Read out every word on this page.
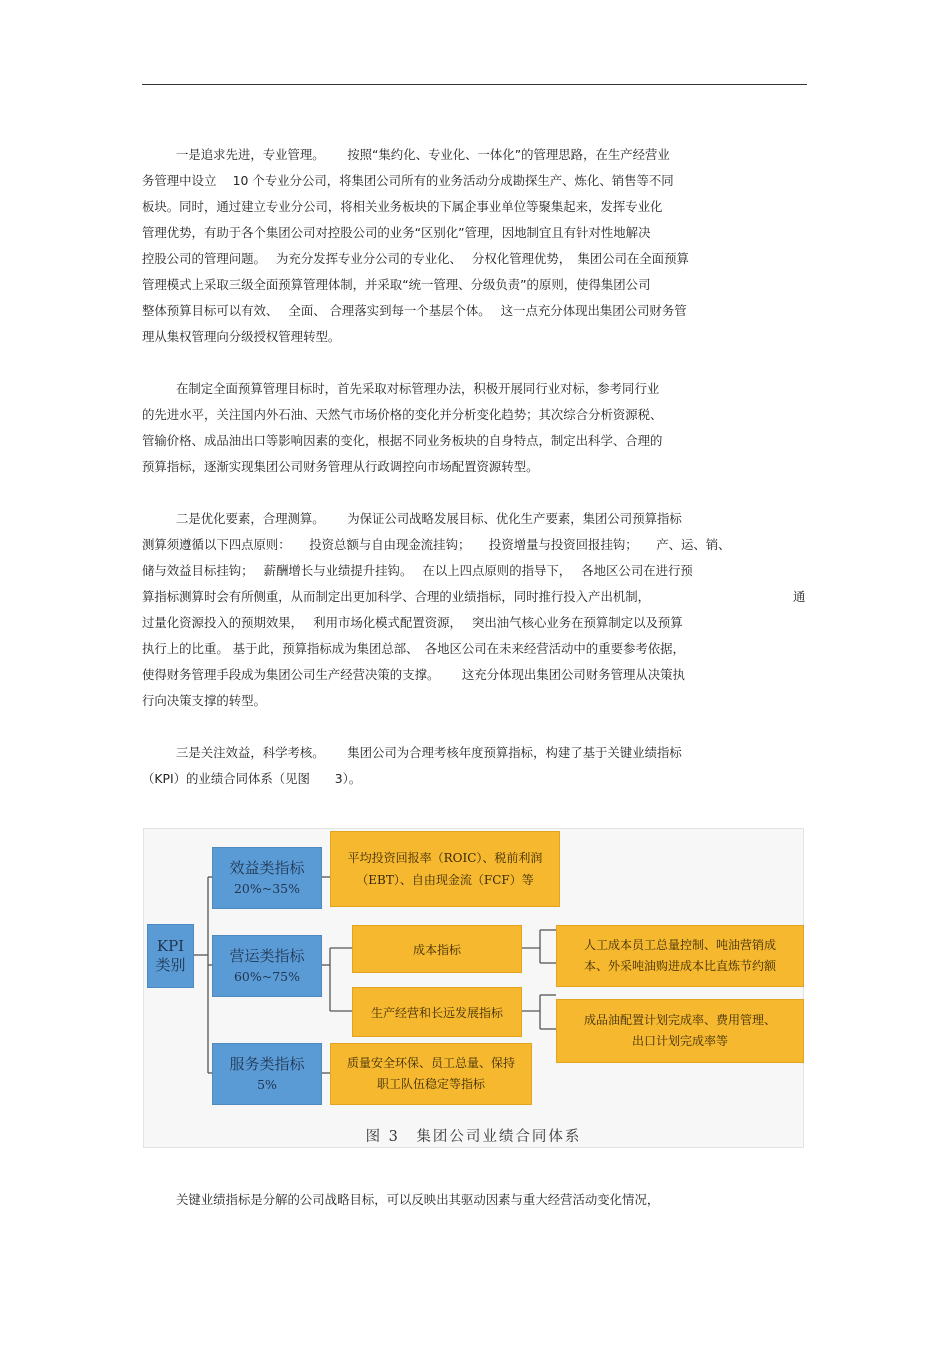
一是追求先进，专业管理。　　 按照“集约化、专业化、一体化”的管理思路，在生产经营业
务管理中设立　 10 个专业分公司，将集团公司所有的业务活动分成勘探生产、炼化、销售等不同
板块。同时，通过建立专业分公司，将相关业务板块的下属企事业单位等聚集起来，发挥专业化
管理优势，有助于各个集团公司对控股公司的业务“区别化”管理，因地制宜且有针对性地解决
控股公司的管理问题。　 为充分发挥专业分公司的专业化、　 分权化管理优势，　集团公司在全面预算
管理模式上采取三级全面预算管理体制，并采取“统一管理、分级负责”的原则，使得集团公司
整体预算目标可以有效、　 全面、 合理落实到每一个基层个体。　 这一点充分体现出集团公司财务管
理从集权管理向分级授权管理转型。
在制定全面预算管理目标时，首先采取对标管理办法，积极开展同行业对标，参考同行业
的先进水平，关注国内外石油、天然气市场价格的变化并分析变化趋势；其次综合分析资源税、
管输价格、成品油出口等影响因素的变化，根据不同业务板块的自身特点，制定出科学、合理的
预算指标，逐渐实现集团公司财务管理从行政调控向市场配置资源转型。
二是优化要素，合理测算。　　 为保证公司战略发展目标、优化生产要素，集团公司预算指标
测算须遵循以下四点原则：　　投资总额与自由现金流挂钩；　　投资增量与投资回报挂钩；　　产、运、销、
储与效益目标挂钩；　 薪酬增长与业绩提升挂钩。　 在以上四点原则的指导下，　 各地区公司在进行预
算指标测算时会有所侧重，从而制定出更加科学、合理的业绩指标，同时推行投入产出机制，	通
过量化资源投入的预期效果，　 利用市场化模式配置资源，　 突出油气核心业务在预算制定以及预算
执行上的比重。 基于此，预算指标成为集团总部、　各地区公司在未来经营活动中的重要参考依据，
使得财务管理手段成为集团公司生产经营决策的支撑。　　 这充分体现出集团公司财务管理从决策执
行向决策支撑的转型。
三是关注效益，科学考核。　　 集团公司为合理考核年度预算指标，构建了基于关键业绩指标
（KPI）的业绩合同体系（见图　　3）。
KPI
类别
效益类指标
20%~35%
营运类指标
60%~75%
服务类指标
5%
平均投资回报率（ROIC）、税前利润
（EBT）、自由现金流（FCF）等
成本指标
生产经营和长远发展指标
人工成本员工总量控制、吨油营销成
本、外采吨油购进成本比直炼节约额
成品油配置计划完成率、费用管理、
出口计划完成率等
质量安全环保、员工总量、保持
职工队伍稳定等指标
图 3　集团公司业绩合同体系
关键业绩指标是分解的公司战略目标，可以反映出其驱动因素与重大经营活动变化情况，
